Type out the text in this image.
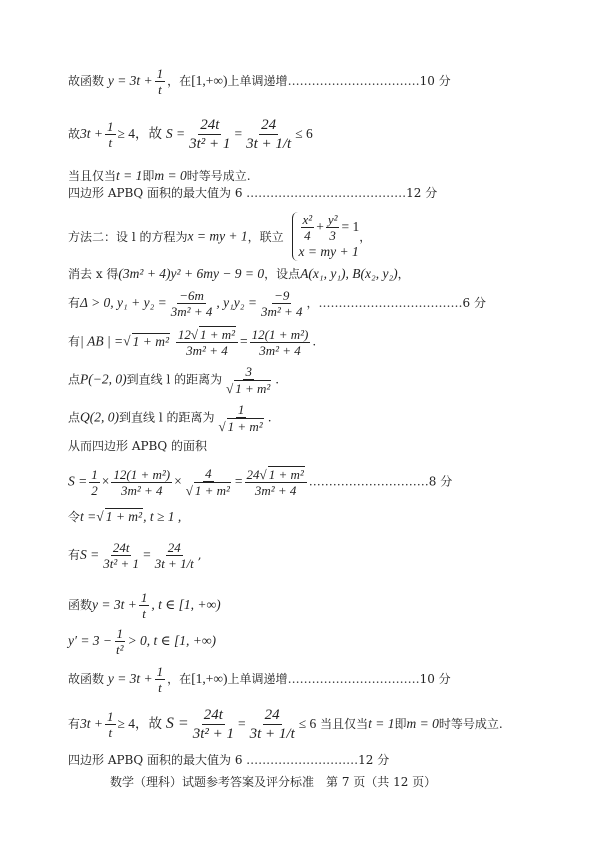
故函数 $y = 3t + \frac{1}{t}$ ，在[1,+∞)上单调递增……………………………10 分
故$3t + \frac{1}{t} \ge 4$，故 $S = \frac{24t}{\text{3t² + 1}} = \frac{24}{3t + 1/t} \le 6$
当且仅当t = 1即m = 0时等号成立.
四边形 APBQ 面积的最大值为 6 .…………………………………12 分
方法二：设 l 的方程为x = my + 1，联立 $\frac{\text{x²}}{4} + \frac{\text{y²}}{3} = 1$
x = my + 1
，
消去 x 得(3m² + 4)y² + 6my − 9 = 0，设点A(x₁, y₁), B(x₂, y₂)，
有Δ > 0, $y_1 + y_2 = \frac{-6m}{\text{3m² + 4}}$ , $y_1y_2 = \frac{-9}{\text{3m² + 4}}$ ，………………………………6 分
有| AB | =√ $1 + m^2 \frac{\text{12√ 1 + m²}}{\text{3m² + 4}} = \frac{\text{12(1 + m²)}}{\text{3m² + 4}}$ .
点P(−2, 0)到直线 l 的距离为 $\frac{3}{\text{√ 1 + m²}}$ .
点Q(2, 0)到直线 l 的距离为 $\frac{1}{\text{√ 1 + m²}}$ .
从而四边形 APBQ 的面积
$S = \frac{1}{2} \times \frac{\text{12(1 + m²)}}{\text{3m² + 4}} \times \frac{4}{\text{√ 1 + m²}} = \frac{\text{24√ 1 + m²}}{\text{3m² + 4}}$ …………………………8 分
令t =√ 1 + m², t ≥ 1 ,
有$S = \frac{24t}{\text{3t² + 1}} = \frac{24}{3t + 1/t}$ ,
函数$y = 3t + \frac{1}{t}$ , t ∈ [1, +∞)
$y' = 3 - \frac{1}{\text{t²}} > 0$, t ∈ [1, +∞)
故函数 $y = 3t + \frac{1}{t}$ ，在[1,+∞)上单调递增……………………………10 分
有$3t + \frac{1}{t} \ge 4$，故 $S = \frac{24t}{\text{3t² + 1}} = \frac{24}{3t + 1/t} \le 6$ 当且仅当t = 1即m = 0时等号成立.
四边形 APBQ 面积的最大值为 6 .………………………12 分
数学（理科）试题参考答案及评分标准　第 7 页（共 12 页）
